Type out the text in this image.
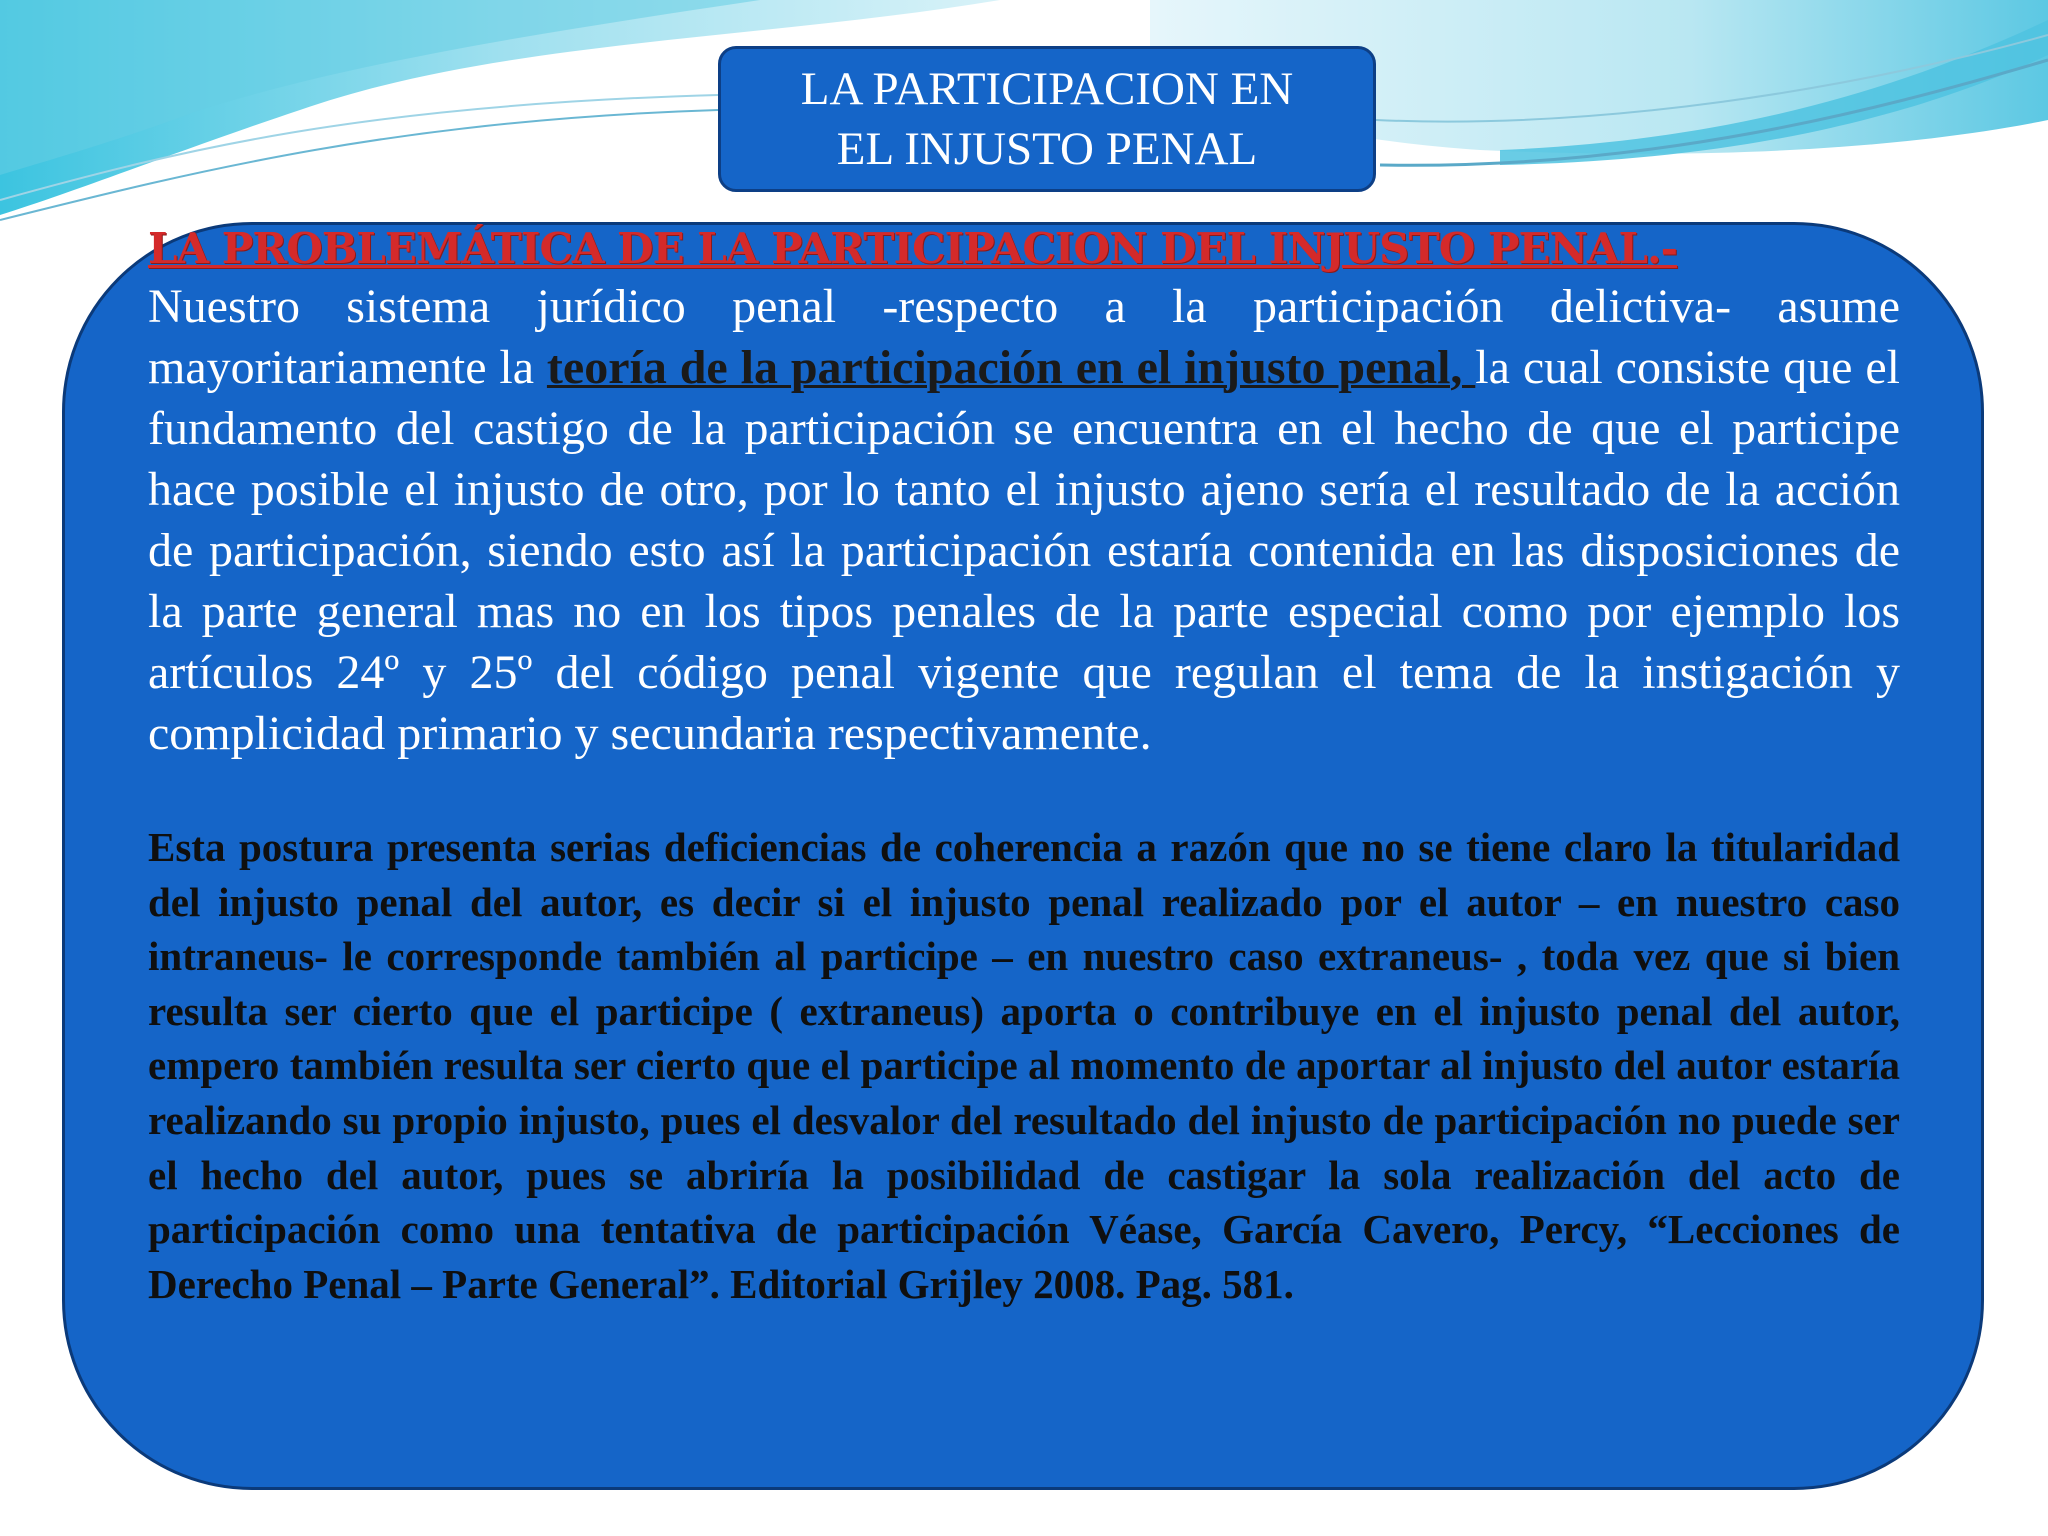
LA PARTICIPACION EN
EL INJUSTO PENAL
LA PROBLEMÁTICA DE LA PARTICIPACION DEL INJUSTO PENAL.-

Nuestro sistema jurídico penal -respecto a la participación delictiva- asume mayoritariamente la teoría de la participación en el injusto penal, la cual consiste que el fundamento del castigo de la participación se encuentra en el hecho de que el participe hace posible el injusto de otro, por lo tanto el injusto ajeno sería el resultado de la acción de participación, siendo esto así la participación estaría contenida en las disposiciones de la parte general mas no en los tipos penales de la parte especial como por ejemplo los artículos 24º y 25º del código penal vigente que regulan el tema de la instigación y complicidad primario y secundaria respectivamente.

Esta postura presenta serias deficiencias de coherencia a razón que no se tiene claro la titularidad del injusto penal del autor, es decir si el injusto penal realizado por el autor – en nuestro caso intraneus- le corresponde también al participe – en nuestro caso extraneus- , toda vez que si bien resulta ser cierto que el participe ( extraneus) aporta o contribuye en el injusto penal del autor, empero también resulta ser cierto que el participe al momento de aportar al injusto del autor estaría realizando su propio injusto, pues el desvalor del resultado del injusto de participación no puede ser el hecho del autor, pues se abriría la posibilidad de castigar la sola realización del acto de participación como una tentativa de participación Véase, García Cavero, Percy, “Lecciones de Derecho Penal – Parte General”. Editorial Grijley 2008. Pag. 581.
